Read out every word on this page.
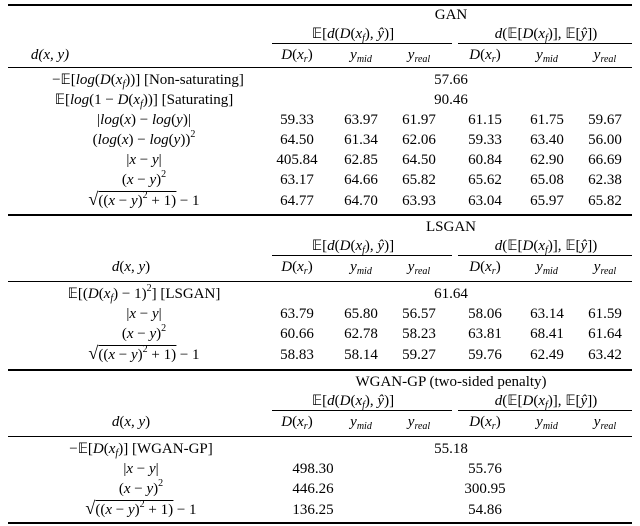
GAN
$𝔼[d(D(x_f)$, ŷ)]	$d(𝔼[D(x_f)]$, 𝔼[ŷ])
d(x, y)	$D(x_r)$ $y_{mid}$ $y_{real}$	$D(x_r)$ $y_{mid}$ $y_{real}$
$-𝔼[\log(D(x_f))]$ [Non-saturating]	57.66
𝔼[log(1 − $D(x_f)$)] [Saturating]	90.46
|log(x) − log(y)|	59.33 63.97 61.97 61.15 61.75 59.67
$(\log(x) - \log(y))^2$	64.50 61.34 62.06 59.33 63.40 56.00
|x − y|	405.84 62.85 64.50 60.84 62.90 66.69
$(x - y)^2$	63.17 64.66 65.82 65.62 65.08 62.38
$√((x - y)^2 + 1) - 1$	64.77 64.70 63.93 63.04 65.97 65.82
LSGAN
$𝔼[d(D(x_f)$, ŷ)]	$d(𝔼[D(x_f)]$, 𝔼[ŷ])
d(x, y)	$D(x_r)$ $y_{mid}$ $y_{real}$	$D(x_r)$ $y_{mid}$ $y_{real}$
$𝔼[(D(x_f) - 1)^2]$ [LSGAN]	61.64
|x − y|	63.79 65.80 56.57 58.06 63.14 61.59
$(x - y)^2$	60.66 62.78 58.23 63.81 68.41 61.64
$√((x - y)^2 + 1) - 1$	58.83 58.14 59.27 59.76 62.49 63.42
WGAN-GP (two-sided penalty)
$𝔼[d(D(x_f)$, ŷ)]	$d(𝔼[D(x_f)]$, 𝔼[ŷ])
d(x, y)	$D(x_r)$ $y_{mid}$ $y_{real}$	$D(x_r)$ $y_{mid}$ $y_{real}$
$-𝔼[D(x_f)]$ [WGAN-GP]	55.18
|x − y|	498.30	55.76
$(x - y)^2$	446.26	300.95
$√((x - y)^2 + 1) - 1$	136.25	54.86
